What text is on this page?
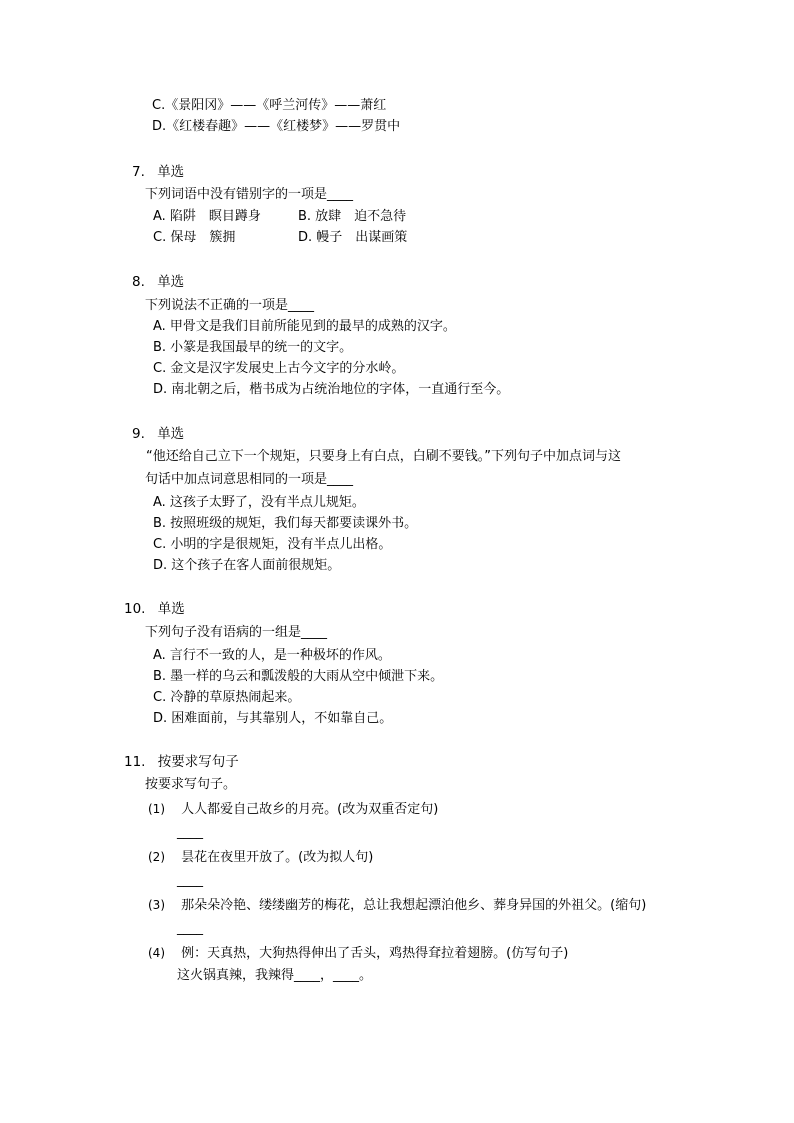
C.《景阳冈》——《呼兰河传》——萧红
D.《红楼春趣》——《红楼梦》——罗贯中
7. 单选
下列词语中没有错别字的一项是____
A. 陷阱　瞑目蹲身	B. 放肆　迫不急待
C. 保母　簇拥	D. 幔子　出谋画策
8. 单选
下列说法不正确的一项是____
A. 甲骨文是我们目前所能见到的最早的成熟的汉字。
B. 小篆是我国最早的统一的文字。
C. 金文是汉字发展史上古今文字的分水岭。
D. 南北朝之后，楷书成为占统治地位的字体，一直通行至今。
9. 单选
“他还给自己立下一个规矩，只要身上有白点，白刷不要钱。”下列句子中加点词与这
句话中加点词意思相同的一项是____
A. 这孩子太野了，没有半点儿规矩。
B. 按照班级的规矩，我们每天都要读课外书。
C. 小明的字是很规矩，没有半点儿出格。
D. 这个孩子在客人面前很规矩。
10. 单选
下列句子没有语病的一组是____
A. 言行不一致的人，是一种极坏的作风。
B. 墨一样的乌云和瓢泼般的大雨从空中倾泄下来。
C. 冷静的草原热闹起来。
D. 困难面前，与其靠别人，不如靠自己。
11. 按要求写句子
按要求写句子。
(1) 人人都爱自己故乡的月亮。(改为双重否定句)
____
(2) 昙花在夜里开放了。(改为拟人句)
____
(3) 那朵朵冷艳、缕缕幽芳的梅花，总让我想起漂泊他乡、葬身异国的外祖父。(缩句)
____
(4) 例：天真热，大狗热得伸出了舌头，鸡热得耷拉着翅膀。(仿写句子)
这火锅真辣，我辣得____，____。
